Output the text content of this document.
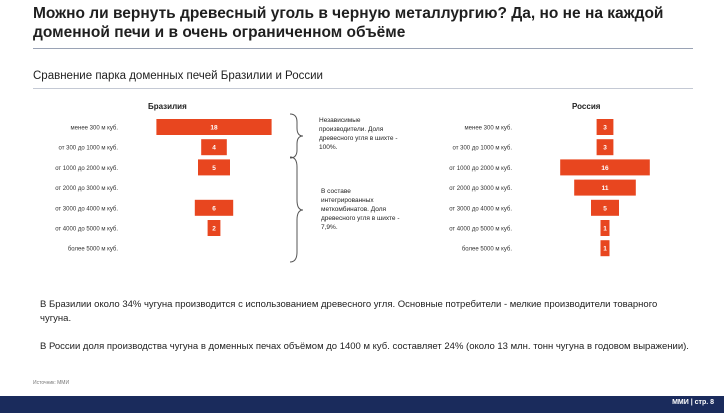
Можно ли вернуть древесный уголь в черную металлургию? Да, но не на каждой доменной печи и в очень ограниченном объёме
Сравнение парка доменных печей Бразилии и России
менее 300 м куб.	18
от 300 до 1000 м куб.	4
от 1000 до 2000 м куб.	5
от 2000 до 3000 м куб.
от 3000 до 4000 м куб.	6
от 4000 до 5000 м куб.	2
более 5000 м куб.
менее 300 м куб.	3
от 300 до 1000 м куб.	3
от 1000 до 2000 м куб.	16
от 2000 до 3000 м куб.	11
от 3000 до 4000 м куб.	5
от 4000 до 5000 м куб.	1
более 5000 м куб.	1
Бразилия	Россия
Независимые производители. Доля древесного угля в шихте - 100%.
В составе интегрированных меткомбинатов. Доля древесного угля в шихте - 7,9%.
В Бразилии около 34% чугуна производится с использованием древесного угля. Основные потребители - мелкие производители товарного чугуна.
В России доля производства чугуна в доменных печах объёмом до 1400 м куб. составляет 24% (около 13 млн. тонн чугуна в годовом выражении).
Источник: ММИ
ММИ | стр. 8
